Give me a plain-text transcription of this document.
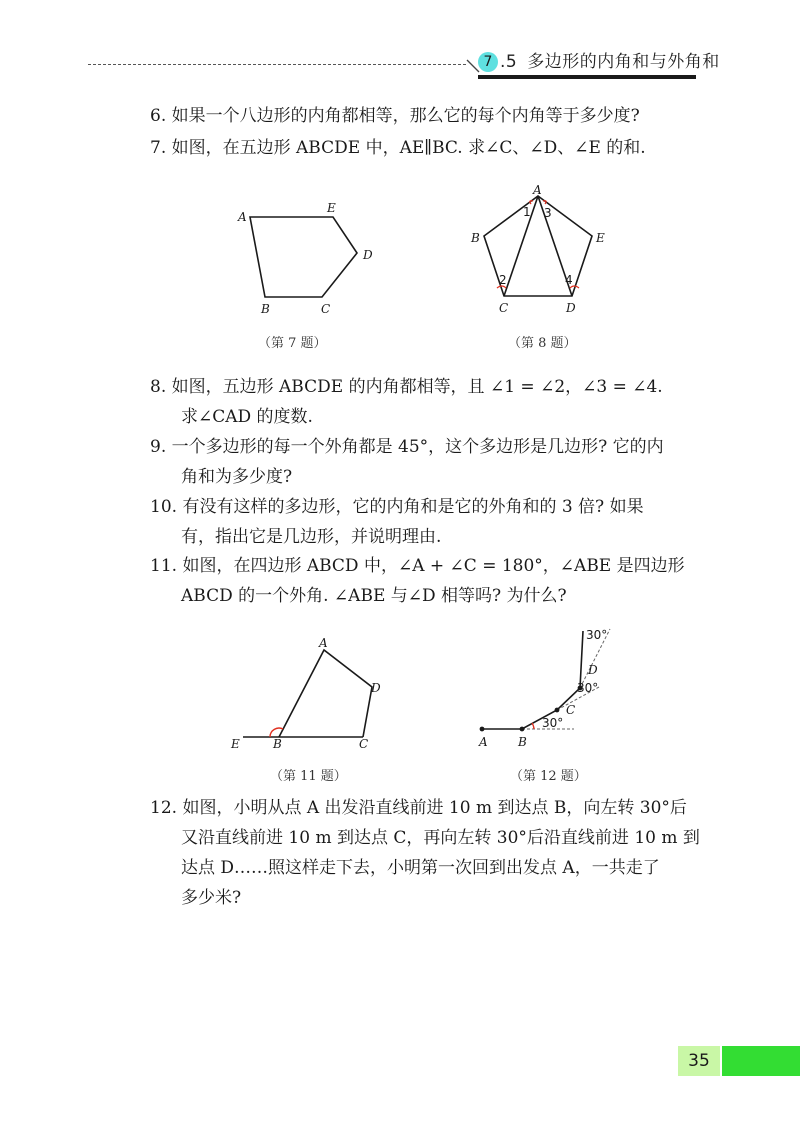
7 .5 多边形的内角和与外角和
6. 如果一个八边形的内角都相等，那么它的每个内角等于多少度?
7. 如图，在五边形 ABCDE 中，AE∥BC. 求∠C、∠D、∠E 的和.
A
E
D
C
B
（第 7 题）
A
B	E
C	D
1 3
2	4
（第 8 题）
8. 如图，五边形 ABCDE 的内角都相等，且 ∠1 = ∠2，∠3 = ∠4.
求∠CAD 的度数.
9. 一个多边形的每一个外角都是 45°，这个多边形是几边形? 它的内
角和为多少度?
10. 有没有这样的多边形，它的内角和是它的外角和的 3 倍? 如果
有，指出它是几边形，并说明理由.
11. 如图，在四边形 ABCD 中，∠A + ∠C = 180°，∠ABE 是四边形
ABCD 的一个外角. ∠ABE 与∠D 相等吗? 为什么?
A
D
E	B	C
（第 11 题）
A	B
C
D
30°
30°
30°
（第 12 题）
12. 如图，小明从点 A 出发沿直线前进 10 m 到达点 B，向左转 30°后
又沿直线前进 10 m 到达点 C，再向左转 30°后沿直线前进 10 m 到
达点 D……照这样走下去，小明第一次回到出发点 A，一共走了
多少米?
35
